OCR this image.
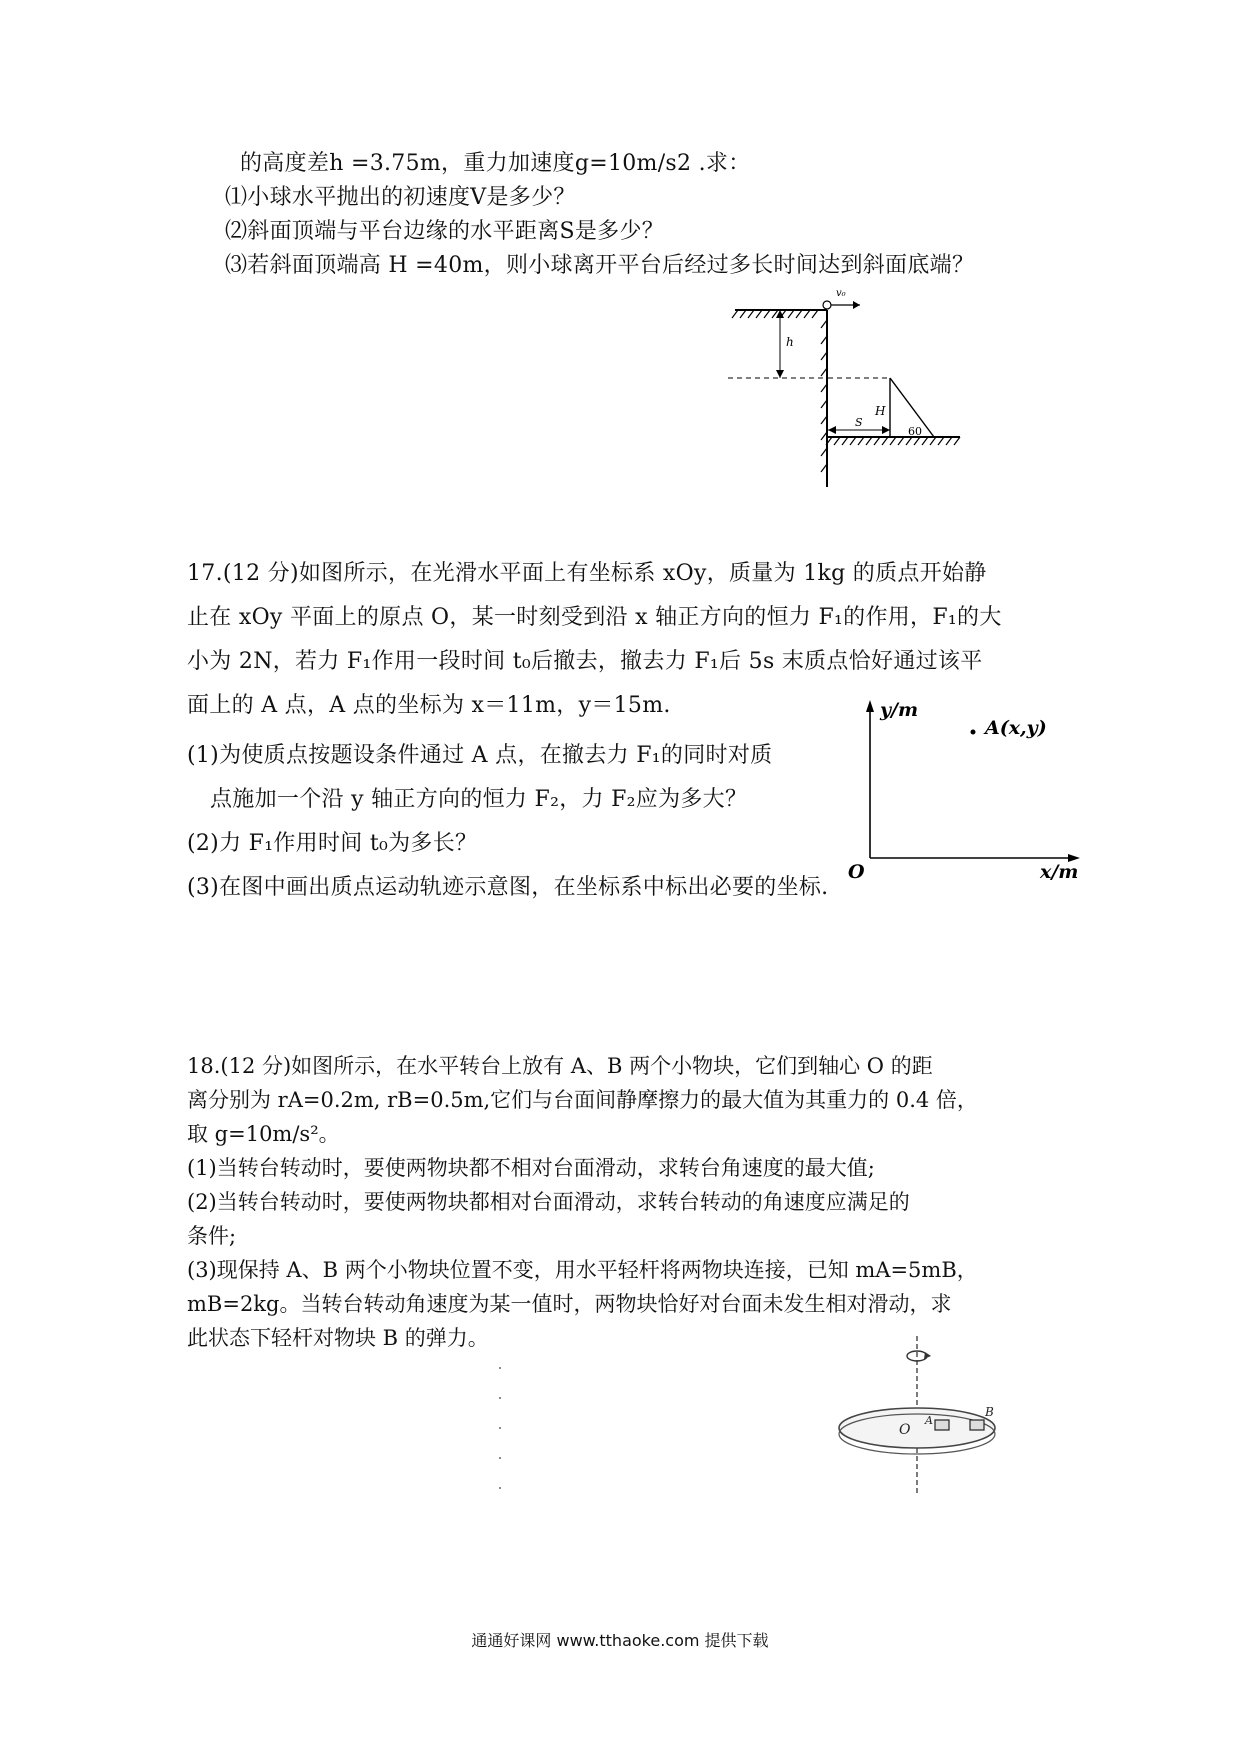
的高度差h =3.75m，重力加速度g=10m/s2 .求：
⑴小球水平抛出的初速度V是多少？
⑵斜面顶端与平台边缘的水平距离S是多少？
⑶若斜面顶端高 H =40m，则小球离开平台后经过多长时间达到斜面底端？
v₀
h
H
S
60
17.(12 分)如图所示，在光滑水平面上有坐标系 xOy，质量为 1kg 的质点开始静
止在 xOy 平面上的原点 O，某一时刻受到沿 x 轴正方向的恒力 F₁的作用，F₁的大
小为 2N，若力 F₁作用一段时间 t₀后撤去，撤去力 F₁后 5s 末质点恰好通过该平
面上的 A 点，A 点的坐标为 x＝11m，y＝15m.
(1)为使质点按题设条件通过 A 点，在撤去力 F₁的同时对质
点施加一个沿 y 轴正方向的恒力 F₂，力 F₂应为多大？
(2)力 F₁作用时间 t₀为多长？
(3)在图中画出质点运动轨迹示意图，在坐标系中标出必要的坐标.
y/m
A(x,y)
O	x/m
18.(12 分)如图所示，在水平转台上放有 A、B 两个小物块，它们到轴心 O 的距
离分别为 rA=0.2m, rB=0.5m,它们与台面间静摩擦力的最大值为其重力的 0.4 倍，
取 g=10m/s²。
(1)当转台转动时，要使两物块都不相对台面滑动，求转台角速度的最大值;
(2)当转台转动时，要使两物块都相对台面滑动，求转台转动的角速度应满足的
条件;
(3)现保持 A、B 两个小物块位置不变，用水平轻杆将两物块连接，已知 mA=5mB，
mB=2kg。当转台转动角速度为某一值时，两物块恰好对台面未发生相对滑动，求
此状态下轻杆对物块 B 的弹力。
O
A
B
通通好课网 www.tthaoke.com 提供下载
